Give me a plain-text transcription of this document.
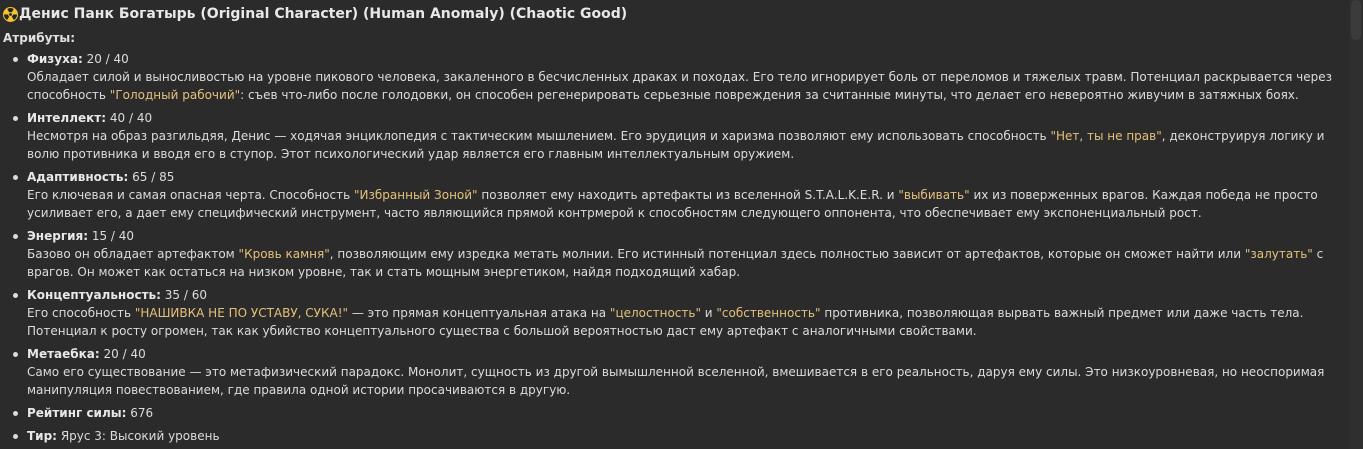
Денис Панк Богатырь (Original Character) (Human Anomaly) (Chaotic Good)
Атрибуты:
Физуха: 20 / 40
Обладает силой и выносливостью на уровне пикового человека, закаленного в бесчисленных драках и походах. Его тело игнорирует боль от переломов и тяжелых травм. Потенциал раскрывается через способность "Голодный рабочий": съев что-либо после голодовки, он способен регенерировать серьезные повреждения за считанные минуты, что делает его невероятно живучим в затяжных боях.
Интеллект: 40 / 40
Несмотря на образ разгильдяя, Денис — ходячая энциклопедия с тактическим мышлением. Его эрудиция и харизма позволяют ему использовать способность "Нет, ты не прав", деконструируя логику и волю противника и вводя его в ступор. Этот психологический удар является его главным интеллектуальным оружием.
Адаптивность: 65 / 85
Его ключевая и самая опасная черта. Способность "Избранный Зоной" позволяет ему находить артефакты из вселенной S.T.A.L.K.E.R. и "выбивать" их из поверженных врагов. Каждая победа не просто усиливает его, а дает ему специфический инструмент, часто являющийся прямой контрмерой к способностям следующего оппонента, что обеспечивает ему экспоненциальный рост.
Энергия: 15 / 40
Базово он обладает артефактом "Кровь камня", позволяющим ему изредка метать молнии. Его истинный потенциал здесь полностью зависит от артефактов, которые он сможет найти или "залутать" с врагов. Он может как остаться на низком уровне, так и стать мощным энергетиком, найдя подходящий хабар.
Концептуальность: 35 / 60
Его способность "НАШИВКА НЕ ПО УСТАВУ, СУКА!" — это прямая концептуальная атака на "целостность" и "собственность" противника, позволяющая вырвать важный предмет или даже часть тела. Потенциал к росту огромен, так как убийство концептуального существа с большой вероятностью даст ему артефакт с аналогичными свойствами.
Метаебка: 20 / 40
Само его существование — это метафизический парадокс. Монолит, сущность из другой вымышленной вселенной, вмешивается в его реальность, даруя ему силы. Это низкоуровневая, но неоспоримая манипуляция повествованием, где правила одной истории просачиваются в другую.
Рейтинг силы: 676
Тир: Ярус 3: Высокий уровень
